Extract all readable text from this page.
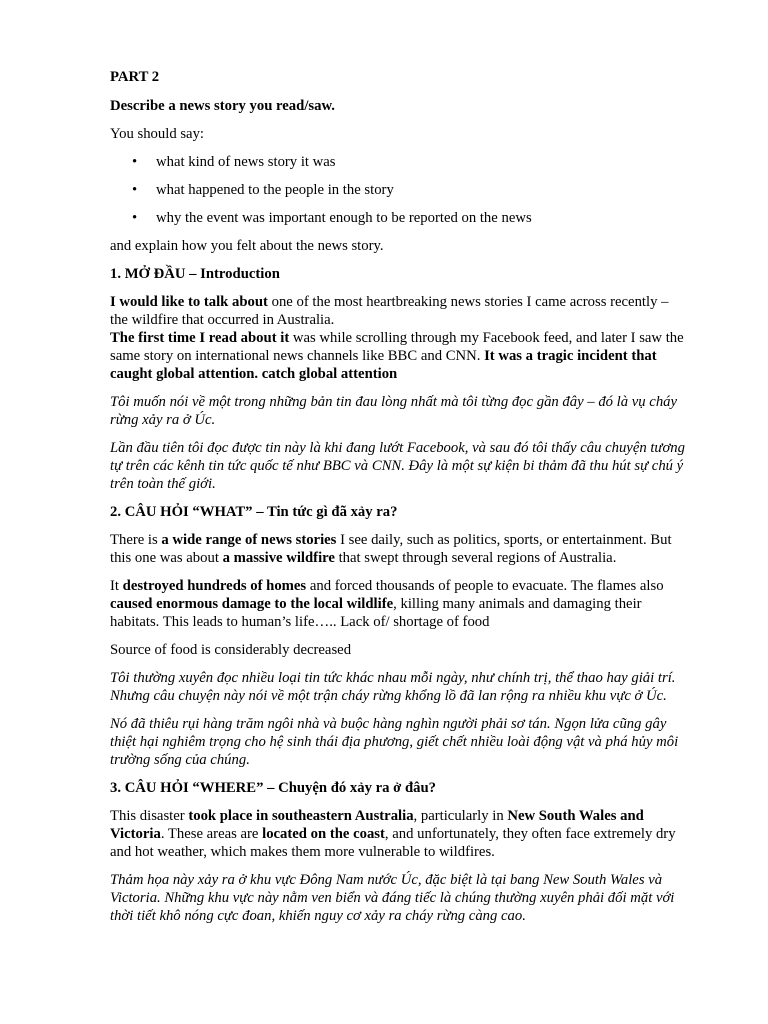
PART 2

Describe a news story you read/saw.

You should say:

• what kind of news story it was
• what happened to the people in the story
• why the event was important enough to be reported on the news

and explain how you felt about the news story.

1. MỞ ĐẦU – Introduction

I would like to talk about one of the most heartbreaking news stories I came across recently – the wildfire that occurred in Australia.
The first time I read about it was while scrolling through my Facebook feed, and later I saw the same story on international news channels like BBC and CNN. It was a tragic incident that caught global attention. catch global attention

Tôi muốn nói về một trong những bản tin đau lòng nhất mà tôi từng đọc gần đây – đó là vụ cháy rừng xảy ra ở Úc.

Lần đầu tiên tôi đọc được tin này là khi đang lướt Facebook, và sau đó tôi thấy câu chuyện tương tự trên các kênh tin tức quốc tế như BBC và CNN. Đây là một sự kiện bi thảm đã thu hút sự chú ý trên toàn thế giới.

2. CÂU HỎI “WHAT” – Tin tức gì đã xảy ra?

There is a wide range of news stories I see daily, such as politics, sports, or entertainment. But this one was about a massive wildfire that swept through several regions of Australia.

It destroyed hundreds of homes and forced thousands of people to evacuate. The flames also caused enormous damage to the local wildlife, killing many animals and damaging their habitats. This leads to human’s life….. Lack of/ shortage of food

Source of food is considerably decreased

Tôi thường xuyên đọc nhiều loại tin tức khác nhau mỗi ngày, như chính trị, thể thao hay giải trí. Nhưng câu chuyện này nói về một trận cháy rừng khổng lồ đã lan rộng ra nhiều khu vực ở Úc.

Nó đã thiêu rụi hàng trăm ngôi nhà và buộc hàng nghìn người phải sơ tán. Ngọn lửa cũng gây thiệt hại nghiêm trọng cho hệ sinh thái địa phương, giết chết nhiều loài động vật và phá hủy môi trường sống của chúng.

3. CÂU HỎI “WHERE” – Chuyện đó xảy ra ở đâu?

This disaster took place in southeastern Australia, particularly in New South Wales and Victoria. These areas are located on the coast, and unfortunately, they often face extremely dry and hot weather, which makes them more vulnerable to wildfires.

Thảm họa này xảy ra ở khu vực Đông Nam nước Úc, đặc biệt là tại bang New South Wales và Victoria. Những khu vực này nằm ven biển và đáng tiếc là chúng thường xuyên phải đối mặt với thời tiết khô nóng cực đoan, khiến nguy cơ xảy ra cháy rừng càng cao.
